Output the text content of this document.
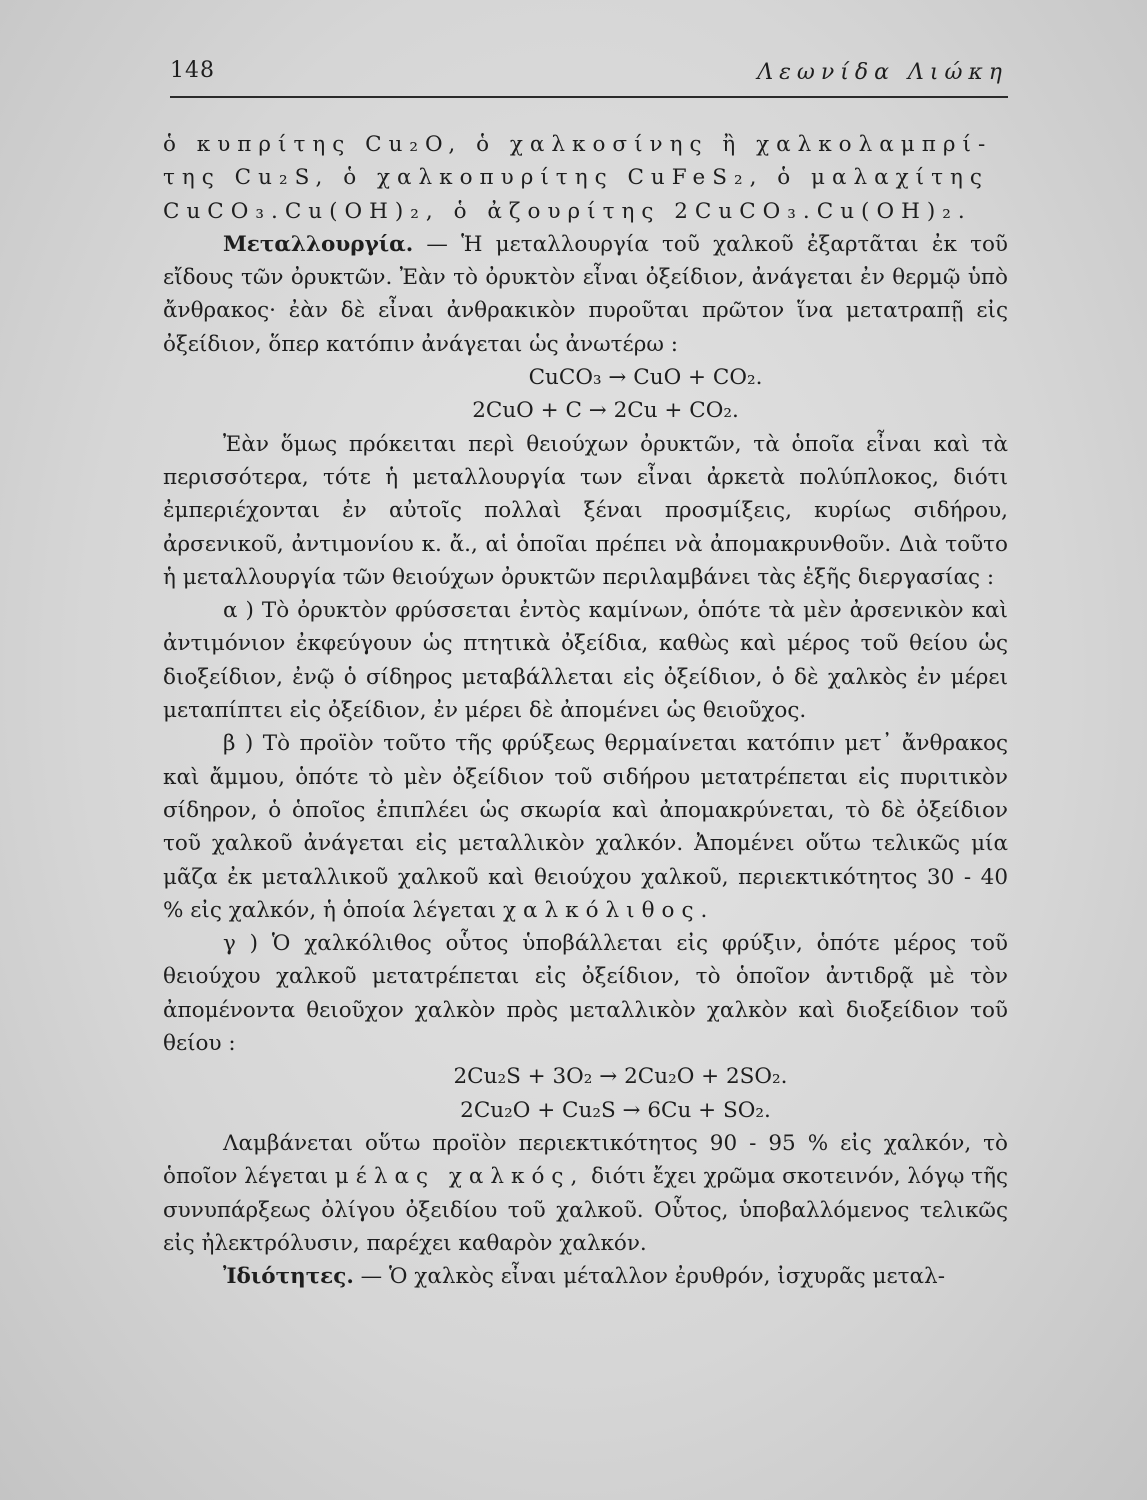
148	Λεωνίδα Λιώκη

ὁ κυπρίτης Cu₂O, ὁ χαλκοσίνης ἢ χαλκολαμπρί-

της Cu₂S, ὁ χαλκοπυρίτης CuFeS₂, ὁ μαλαχίτης

CuCO₃.Cu(OH)₂, ὁ ἀζουρίτης 2CuCO₃.Cu(OH)₂.

Μεταλλουργία. — Ἡ μεταλλουργία τοῦ χαλκοῦ ἐξαρτᾶται ἐκ τοῦ εἴδους τῶν ὀρυκτῶν. Ἐὰν τὸ ὀρυκτὸν εἶναι ὀξείδιον, ἀνάγεται ἐν θερμῷ ὑπὸ ἄνθρακος· ἐὰν δὲ εἶναι ἀνθρακικὸν πυροῦται πρῶτον ἵνα μετατραπῇ εἰς ὀξείδιον, ὅπερ κατόπιν ἀνάγεται ὡς ἀνωτέρω :

CuCO₃ → CuO + CO₂.

2CuO + C → 2Cu + CO₂.

Ἐὰν ὅμως πρόκειται περὶ θειούχων ὀρυκτῶν, τὰ ὁποῖα εἶναι καὶ τὰ περισσότερα, τότε ἡ μεταλλουργία των εἶναι ἀρκετὰ πολύπλοκος, διότι ἐμπεριέχονται ἐν αὐτοῖς πολλαὶ ξέναι προσμίξεις, κυρίως σιδήρου, ἀρσενικοῦ, ἀντιμονίου κ. ἄ., αἱ ὁποῖαι πρέπει νὰ ἀπομακρυνθοῦν. Διὰ τοῦτο ἡ μεταλλουργία τῶν θειούχων ὀρυκτῶν περιλαμβάνει τὰς ἑξῆς διεργασίας :

α ) Τὸ ὀρυκτὸν φρύσσεται ἐντὸς καμίνων, ὁπότε τὰ μὲν ἀρσενικὸν καὶ ἀντιμόνιον ἐκφεύγουν ὡς πτητικὰ ὀξείδια, καθὼς καὶ μέρος τοῦ θείου ὡς διοξείδιον, ἐνῷ ὁ σίδηρος μεταβάλλεται εἰς ὀξείδιον, ὁ δὲ χαλκὸς ἐν μέρει μεταπίπτει εἰς ὀξείδιον, ἐν μέρει δὲ ἀπομένει ὡς θειοῦχος.

β ) Τὸ προϊὸν τοῦτο τῆς φρύξεως θερμαίνεται κατόπιν μετ᾽ ἄνθρακος καὶ ἄμμου, ὁπότε τὸ μὲν ὀξείδιον τοῦ σιδήρου μετατρέπεται εἰς πυριτικὸν σίδηρον, ὁ ὁποῖος ἐπιπλέει ὡς σκωρία καὶ ἀπομακρύνεται, τὸ δὲ ὀξείδιον τοῦ χαλκοῦ ἀνάγεται εἰς μεταλλικὸν χαλκόν. Ἀπομένει οὕτω τελικῶς μία μᾶζα ἐκ μεταλλικοῦ χαλκοῦ καὶ θειούχου χαλκοῦ, περιεκτικότητος 30 - 40 % εἰς χαλκόν, ἡ ὁποία λέγεται χαλκόλιθος.

γ ) Ὁ χαλκόλιθος οὗτος ὑποβάλλεται εἰς φρύξιν, ὁπότε μέρος τοῦ θειούχου χαλκοῦ μετατρέπεται εἰς ὀξείδιον, τὸ ὁποῖον ἀντιδρᾷ μὲ τὸν ἀπομένοντα θειοῦχον χαλκὸν πρὸς μεταλλικὸν χαλκὸν καὶ διοξείδιον τοῦ θείου :

2Cu₂S + 3O₂ → 2Cu₂O + 2SO₂.

2Cu₂O + Cu₂S → 6Cu + SO₂.

Λαμβάνεται οὕτω προϊὸν περιεκτικότητος 90 - 95 % εἰς χαλκόν, τὸ ὁποῖον λέγεται μέλας χαλκός, διότι ἔχει χρῶμα σκοτεινόν, λόγῳ τῆς συνυπάρξεως ὀλίγου ὀξειδίου τοῦ χαλκοῦ. Οὗτος, ὑποβαλλόμενος τελικῶς εἰς ἠλεκτρόλυσιν, παρέχει καθαρὸν χαλκόν.

Ἰδιότητες. — Ὁ χαλκὸς εἶναι μέταλλον ἐρυθρόν, ἰσχυρᾶς μεταλ-
